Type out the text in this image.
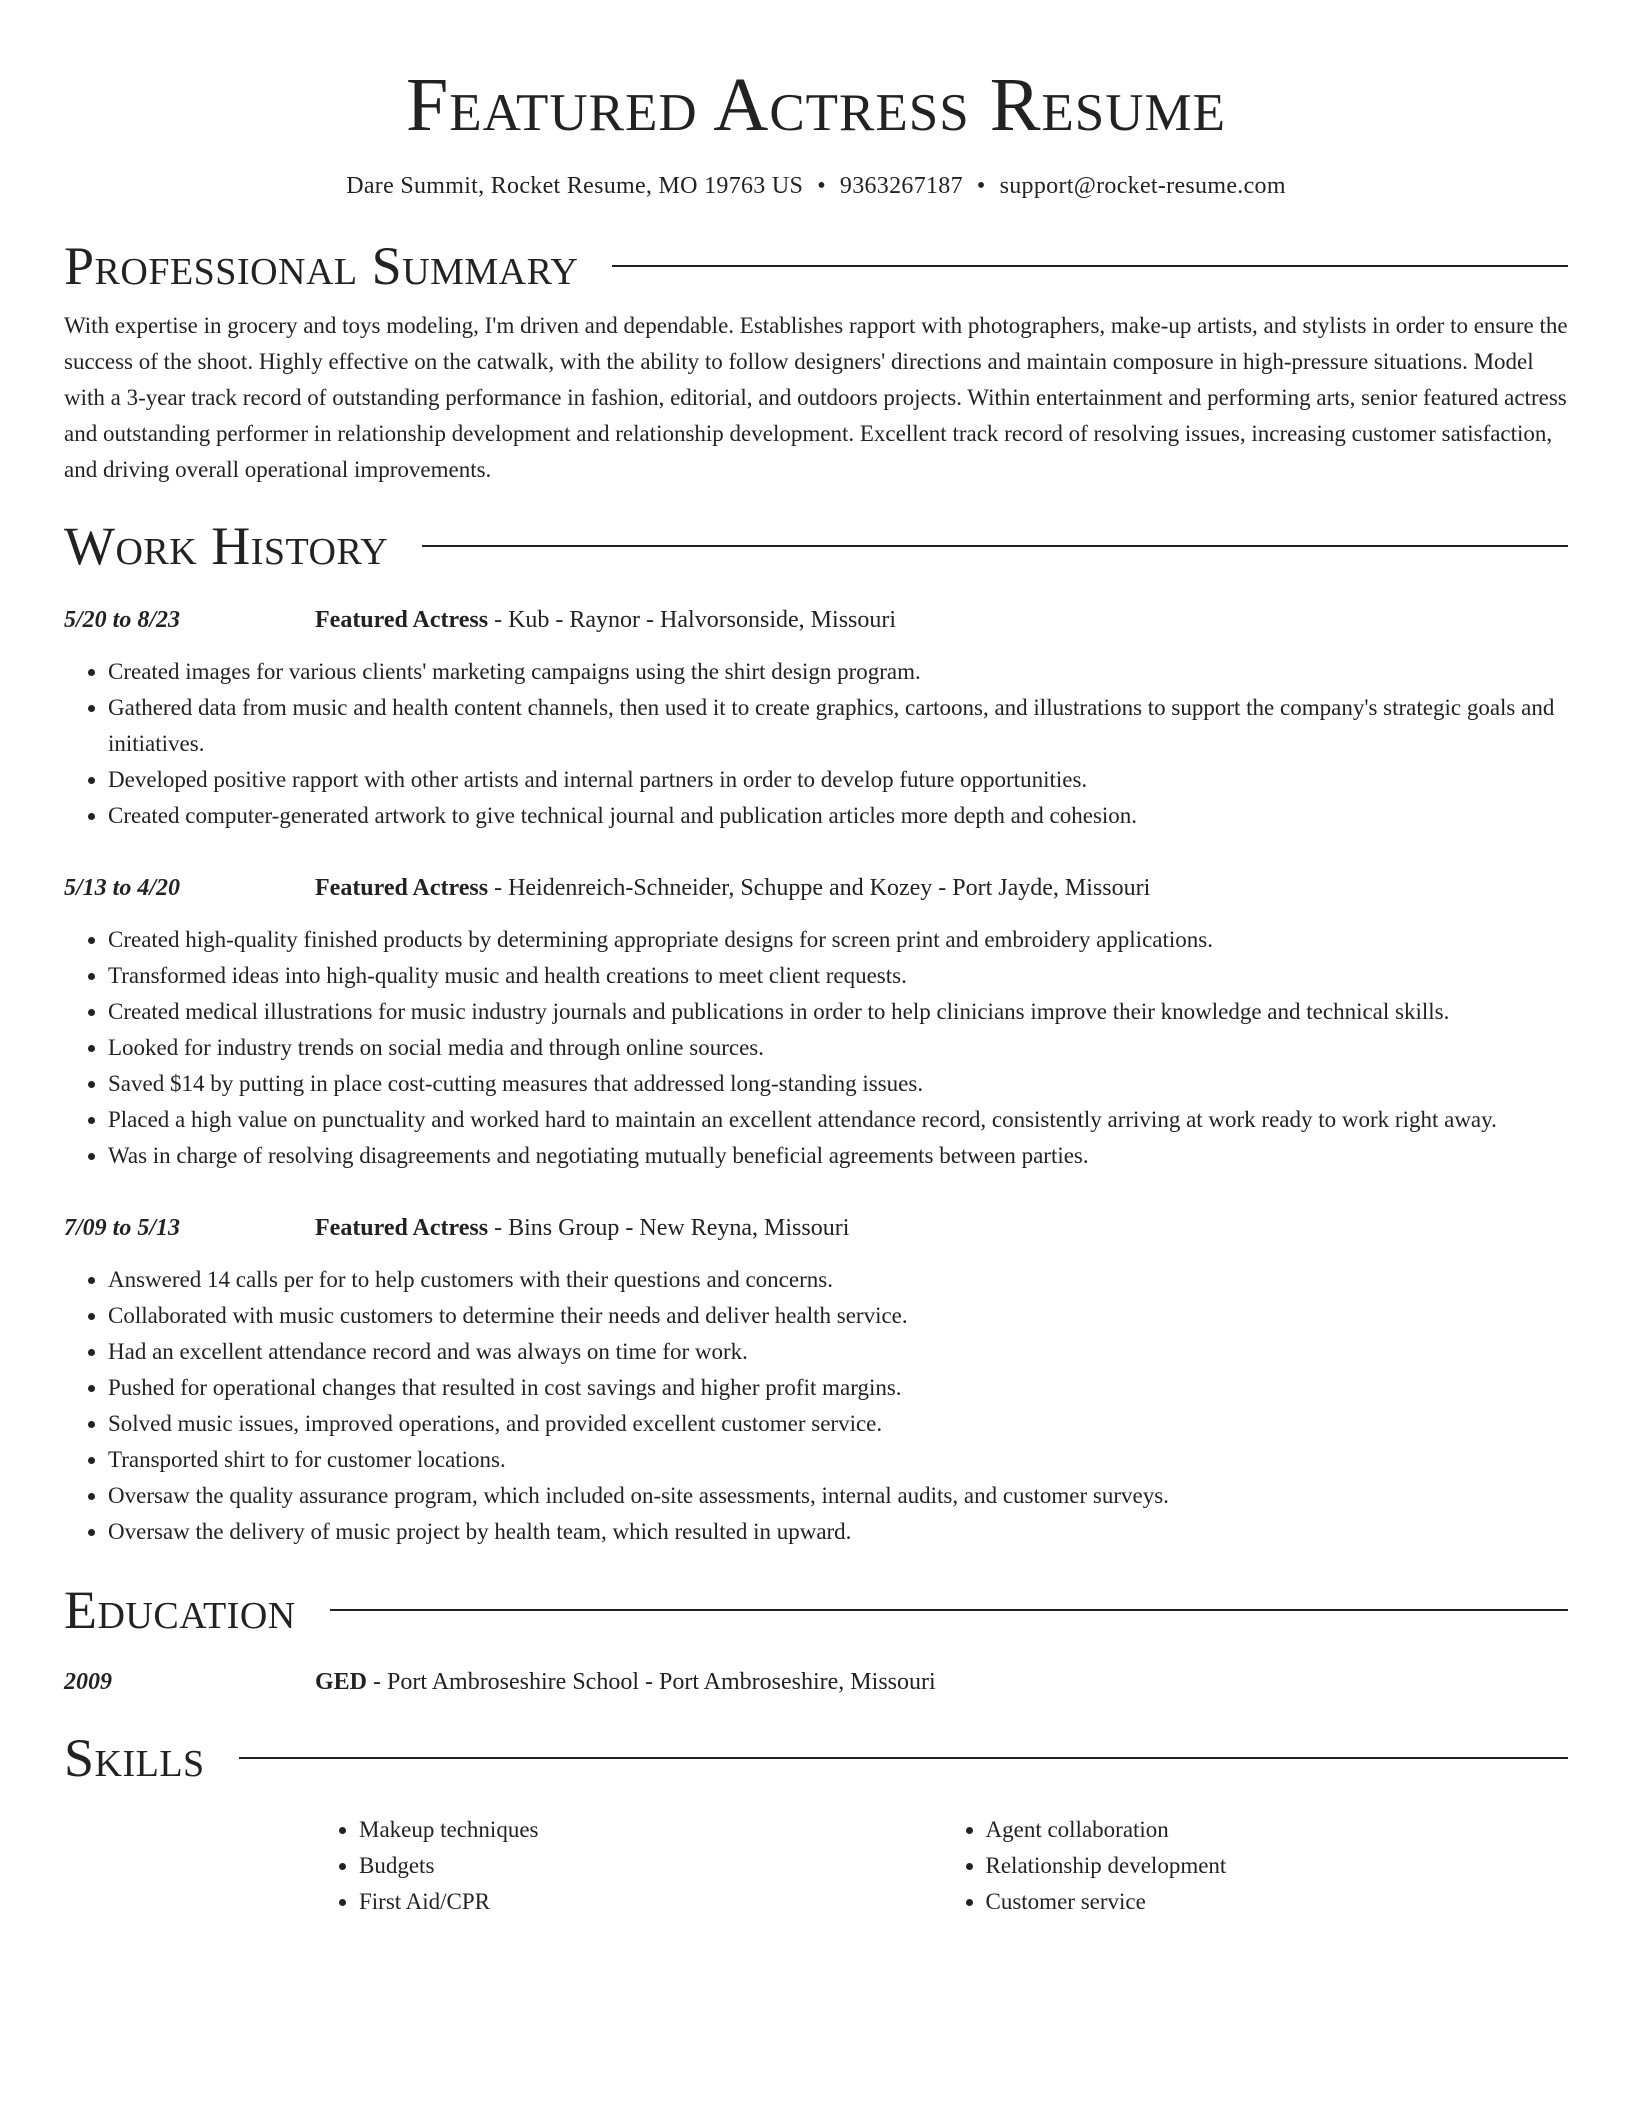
Featured Actress Resume
Dare Summit, Rocket Resume, MO 19763 US • 9363267187 • support@rocket-resume.com
Professional Summary

With expertise in grocery and toys modeling, I'm driven and dependable. Establishes rapport with photographers, make-up artists, and stylists in order to ensure the success of the shoot. Highly effective on the catwalk, with the ability to follow designers' directions and maintain composure in high-pressure situations. Model with a 3-year track record of outstanding performance in fashion, editorial, and outdoors projects. Within entertainment and performing arts, senior featured actress and outstanding performer in relationship development and relationship development. Excellent track record of resolving issues, increasing customer satisfaction, and driving overall operational improvements.

Work History
5/20 to 8/23	Featured Actress - Kub - Raynor - Halvorsonside, Missouri
• Created images for various clients' marketing campaigns using the shirt design program.
• Gathered data from music and health content channels, then used it to create graphics, cartoons, and illustrations to support the company's strategic goals and initiatives.
• Developed positive rapport with other artists and internal partners in order to develop future opportunities.
• Created computer-generated artwork to give technical journal and publication articles more depth and cohesion.
5/13 to 4/20	Featured Actress - Heidenreich-Schneider, Schuppe and Kozey - Port Jayde, Missouri
• Created high-quality finished products by determining appropriate designs for screen print and embroidery applications.
• Transformed ideas into high-quality music and health creations to meet client requests.
• Created medical illustrations for music industry journals and publications in order to help clinicians improve their knowledge and technical skills.
• Looked for industry trends on social media and through online sources.
• Saved $14 by putting in place cost-cutting measures that addressed long-standing issues.
• Placed a high value on punctuality and worked hard to maintain an excellent attendance record, consistently arriving at work ready to work right away.
• Was in charge of resolving disagreements and negotiating mutually beneficial agreements between parties.
7/09 to 5/13	Featured Actress - Bins Group - New Reyna, Missouri
• Answered 14 calls per for to help customers with their questions and concerns.
• Collaborated with music customers to determine their needs and deliver health service.
• Had an excellent attendance record and was always on time for work.
• Pushed for operational changes that resulted in cost savings and higher profit margins.
• Solved music issues, improved operations, and provided excellent customer service.
• Transported shirt to for customer locations.
• Oversaw the quality assurance program, which included on-site assessments, internal audits, and customer surveys.
• Oversaw the delivery of music project by health team, which resulted in upward.
Education
2009	GED - Port Ambroseshire School - Port Ambroseshire, Missouri
Skills
• Makeup techniques
• Budgets
• First Aid/CPR
• Agent collaboration
• Relationship development
• Customer service
